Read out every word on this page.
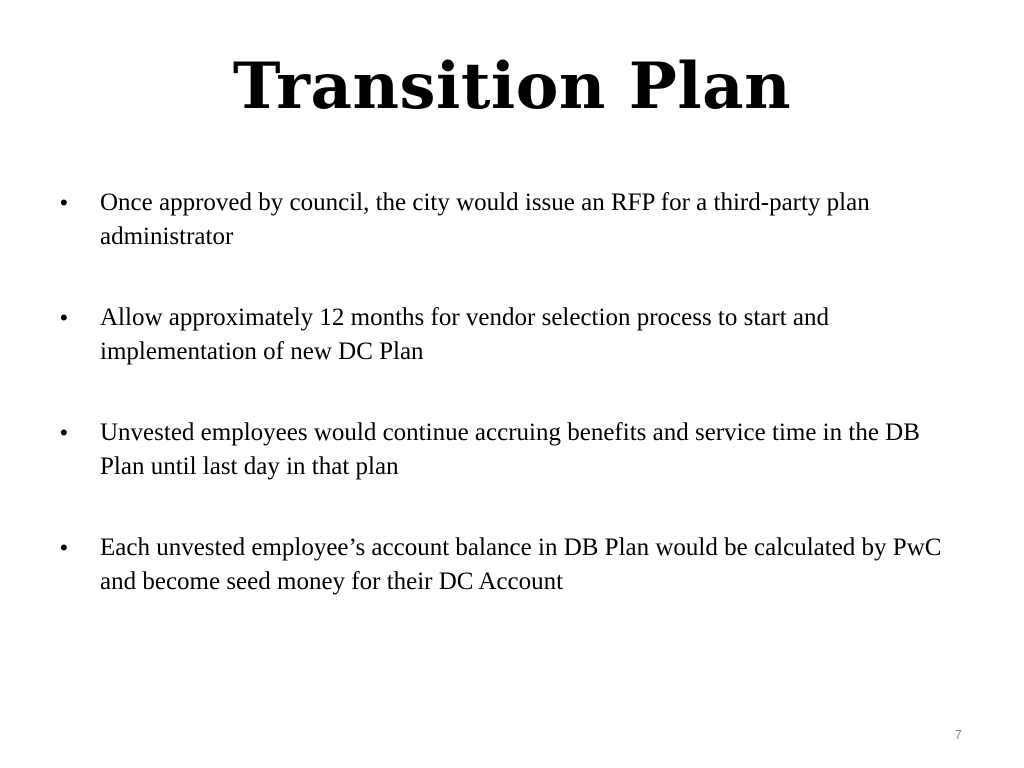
Transition Plan
•	Once approved by council, the city would issue an RFP for a third-party plan administrator
•	Allow approximately 12 months for vendor selection process to start and implementation of new DC Plan
•	Unvested employees would continue accruing benefits and service time in the DB Plan until last day in that plan
•	Each unvested employee’s account balance in DB Plan would be calculated by PwC and become seed money for their DC Account
7
